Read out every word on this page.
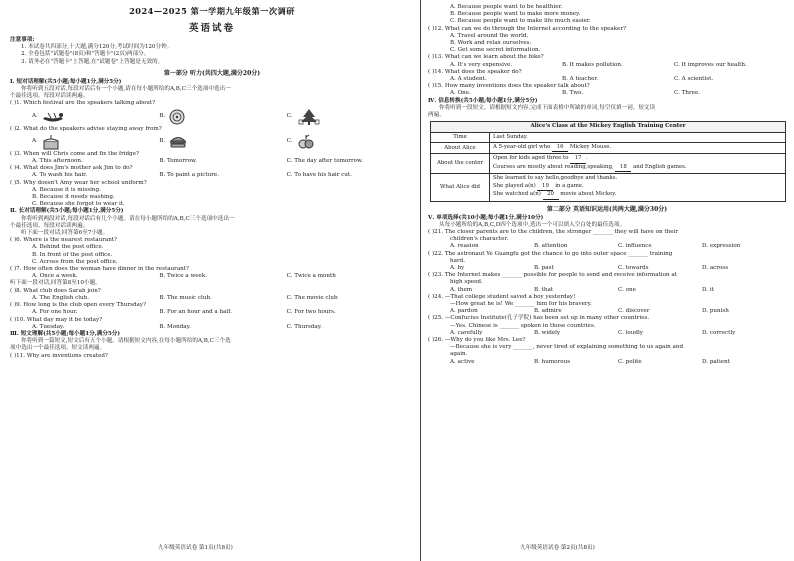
2024—2025 第一学期九年级第一次调研
英语试卷
注意事项:
1. 本试卷共四部分,十大题,满分120分,考试时间为120分钟。
2. 全卷包括"试题卷"(8页)和"答题卡"(2页)两部分。
3. 请务必在"答题卡"上答题,在"试题卷"上答题是无效的。
第一部分 听力(共四大题,满分20分)
Ⅰ. 短对话理解(共5小题;每小题1分,满分5分)
你将听到五段对话,每段对话后有一个小题,请在每小题所给的A,B,C三个选项中选出一
个最佳选项。每段对话读两遍。
( )1. Which festival are the speakers talking about?
A.	B.	C.
( )2. What do the speakers advise staying away from?
A.	B.	C.
( )3. When will Chris come and fix the fridge?
A. This afternoon.	B. Tomorrow.	C. The day after tomorrow.
( )4. What does Jim's mother ask Jim to do?
A. To wash his hair.	B. To paint a picture.	C. To have his hair cut.
( )5. Why doesn't Amy wear her school uniform?
A. Because it is missing.
B. Because it needs washing.
C. Because she forgot to wear it.
Ⅱ. 长对话理解(共5小题;每小题1分,满分5分)
你将听到两段对话,每段对话后有几个小题。请在每小题所给的A,B,C三个选项中选出一
个最佳选项。每段对话读两遍。
听下面一段对话,回答第6至7小题。
( )6. Where is the nearest restaurant?
A. Behind the post office.
B. In front of the post office.
C. Across from the post office.
( )7. How often does the woman have dinner in the restaurant?
A. Once a week.	B. Twice a week.	C. Twice a month
听下面一段对话,回答第8至10小题。
( )8. What club does Sarah join?
A. The English club.	B. The music club.	C. The movie club
( )9. How long is the club open every Thursday?
A. For one hour.	B. For an hour and a half.	C. For two hours.
( )10. What day may it be today?
A. Tuesday.	B. Monday.	C. Thursday.
Ⅲ. 短文理解(共5小题;每小题1分,满分5分)
你将听到一篇短文,短文后有五个小题。请根据短文内容,在每小题所给的A,B,C三个选
项中选出一个最佳选项。短文读两遍。
( )11. Why are inventions created?
九年级英语试卷 第1页(共8页)
A. Because people want to be healthier.
B. Because people want to make more money.
C. Because people want to make life much easier.
( )12. What can we do through the Internet according to the speaker?
A. Travel around the world.
B. Work and relax ourselves.
C. Get some secret information.
( )13. What can we learn about the bike?
A. It's very expensive.	B. It makes pollution.	C. It improves our health.
( )14. What does the speaker do?
A. A student.	B. A teacher.	C. A scientist.
( )15. How many inventions does the speaker talk about?
A. One.	B. Two.	C. Three.
Ⅳ. 信息转换(共5小题;每小题1分,满分5分)
你将听到一段短文。请根据短文内容,完成下面表格中所缺的单词,每空仅填一词。短文读
两遍。
Alice's Class at the Mickey English Training Center	
Time	Last Sunday.
About Alice	A 5-year-old girl who 16 Mickey Mouse.
About the center	Open for kids aged three to 17 .
Courses are mostly about reading,speaking, 18 and English games.
What Alice did	She learned to say hello,goodbye and thanks.
She played a(n) 19 in a game.
She watched a(n) 20 movie about Mickey.
第二部分 英语知识运用(共两大题,满分30分)
Ⅴ. 单项选择(共10小题;每小题1分,满分10分)
从每小题所给的A,B,C,D四个选项中,选出一个可以填入空白处的最佳选项。
( )21. The closer parents are to the children, the stronger _______ they will have on their
children's character.
A. reasion	B. attention	C. influence	D. expression
( )22. The astronaut Ye Guangfu got the chance to go into outer space _______ training
hard.
A. by	B. past	C. towards	D. across
( )23. The Internet makes _______ possible for people to send and receive information at
high speed.
A. them	B. that	C. one	D. it
( )24. —That college student saved a boy yesterday!
—How great he is! We _______ him for his bravery.
A. pardon	B. admire	C. discover	D. punish
( )25. —Confucius Institute(孔子学院) has been set up in many other countries.
—Yes. Chinese is _______ spoken in those countries.
A. carefully	B. widely	C. loudly	D. correctly
( )26. —Why do you like Mrs. Lee?
—Because she is very _______, never tired of explaining something to us again and
again.
A. active	B. humorous	C. polite	D. patient
九年级英语试卷 第2页(共8页)
